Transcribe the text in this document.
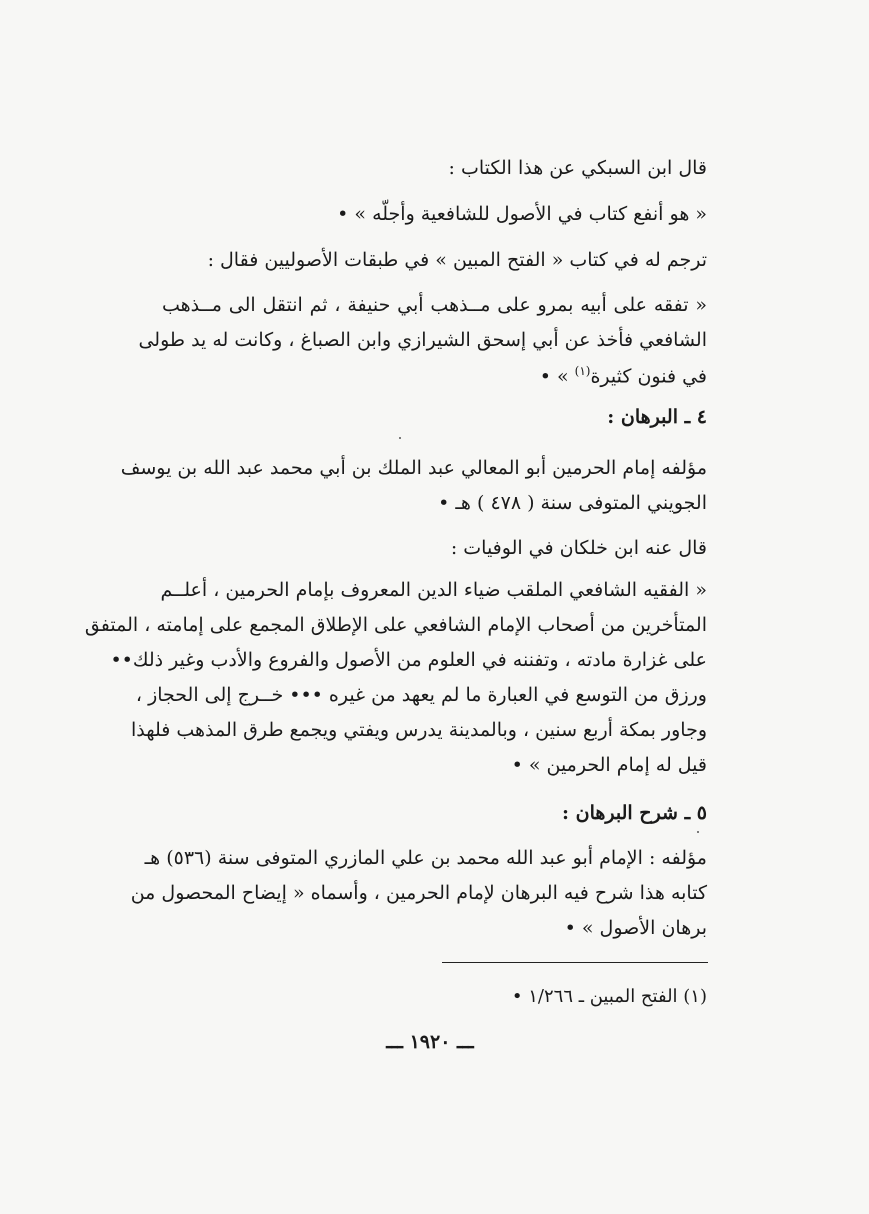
قال ابن السبكي عن هذا الكتاب :
« هو أنفع كتاب في الأصول للشافعية وأجلّه » •
ترجم له في كتاب « الفتح المبين » في طبقات الأصوليين فقال :
« تفقه على أبيه بمرو على مــذهب أبي حنيفة ، ثم انتقل الى مــذهب
الشافعي فأخذ عن أبي إسحق الشيرازي وابن الصباغ ، وكانت له يد طولى
في فنون كثيرة$^{(١)}$ » •
٤ ـ البرهان :
مؤلفه إمام الحرمين أبو المعالي عبد الملك بن أبي محمد عبد الله بن يوسف
الجويني المتوفى سنة ( ٤٧٨ ) هـ •
قال عنه ابن خلكان في الوفيات :
« الفقيه الشافعي الملقب ضياء الدين المعروف بإمام الحرمين ، أعلــم
المتأخرين من أصحاب الإمام الشافعي على الإطلاق المجمع على إمامته ، المتفق
على غزارة مادته ، وتفننه في العلوم من الأصول والفروع والأدب وغير ذلك••
ورزق من التوسع في العبارة ما لم يعهد من غيره ••• خــرج إلى الحجاز ،
وجاور بمكة أربع سنين ، وبالمدينة يدرس ويفتي ويجمع طرق المذهب فلهذا
قيل له إمام الحرمين » •
٥ ـ شرح البرهان :
مؤلفه : الإمام أبو عبد الله محمد بن علي المازري المتوفى سنة (٥٣٦) هـ
كتابه هذا شرح فيه البرهان لإمام الحرمين ، وأسماه « إيضاح المحصول من
برهان الأصول » •
(١) الفتح المبين ـ ١/٢٦٦ •
ـــ ١٩٢٠ ـــ
